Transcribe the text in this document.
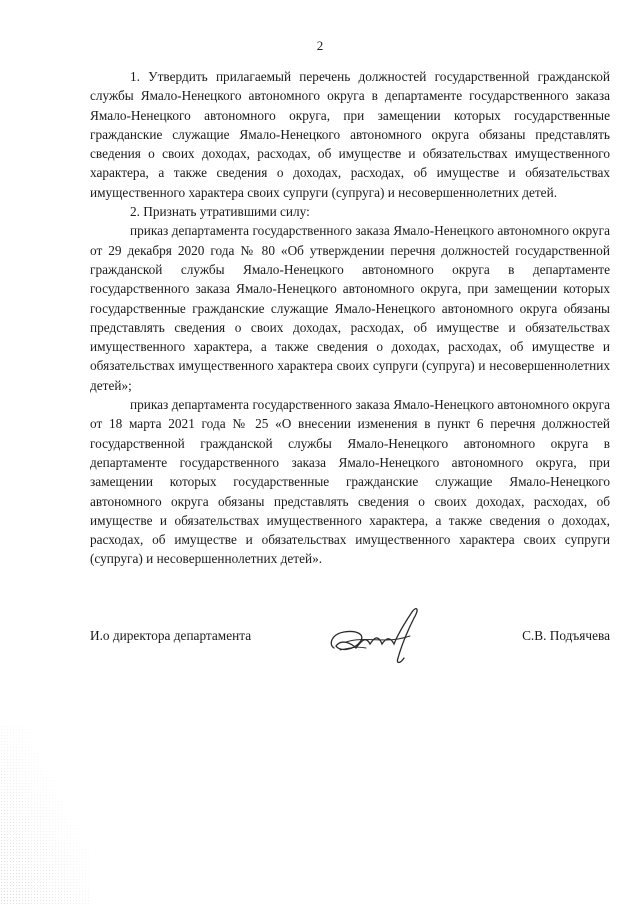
2

1. Утвердить прилагаемый перечень должностей государственной гражданской службы Ямало-Ненецкого автономного округа в департаменте государственного заказа Ямало-Ненецкого автономного округа, при замещении которых государственные гражданские служащие Ямало-Ненецкого автономного округа обязаны представлять сведения о своих доходах, расходах, об имуществе и обязательствах имущественного характера, а также сведения о доходах, расходах, об имуществе и обязательствах имущественного характера своих супруги (супруга) и несовершеннолетних детей.

2. Признать утратившими силу:

приказ департамента государственного заказа Ямало-Ненецкого автономного округа от 29 декабря 2020 года № 80 «Об утверждении перечня должностей государственной гражданской службы Ямало-Ненецкого автономного округа в департаменте государственного заказа Ямало-Ненецкого автономного округа, при замещении которых государственные гражданские служащие Ямало-Ненецкого автономного округа обязаны представлять сведения о своих доходах, расходах, об имуществе и обязательствах имущественного характера, а также сведения о доходах, расходах, об имуществе и обязательствах имущественного характера своих супруги (супруга) и несовершеннолетних детей»;

приказ департамента государственного заказа Ямало-Ненецкого автономного округа от 18 марта 2021 года № 25 «О внесении изменения в пункт 6 перечня должностей государственной гражданской службы Ямало-Ненецкого автономного округа в департаменте государственного заказа Ямало-Ненецкого автономного округа, при замещении которых государственные гражданские служащие Ямало-Ненецкого автономного округа обязаны представлять сведения о своих доходах, расходах, об имуществе и обязательствах имущественного характера, а также сведения о доходах, расходах, об имуществе и обязательствах имущественного характера своих супруги (супруга) и несовершеннолетних детей».

И.о директора департамента	С.В. Подъячева
